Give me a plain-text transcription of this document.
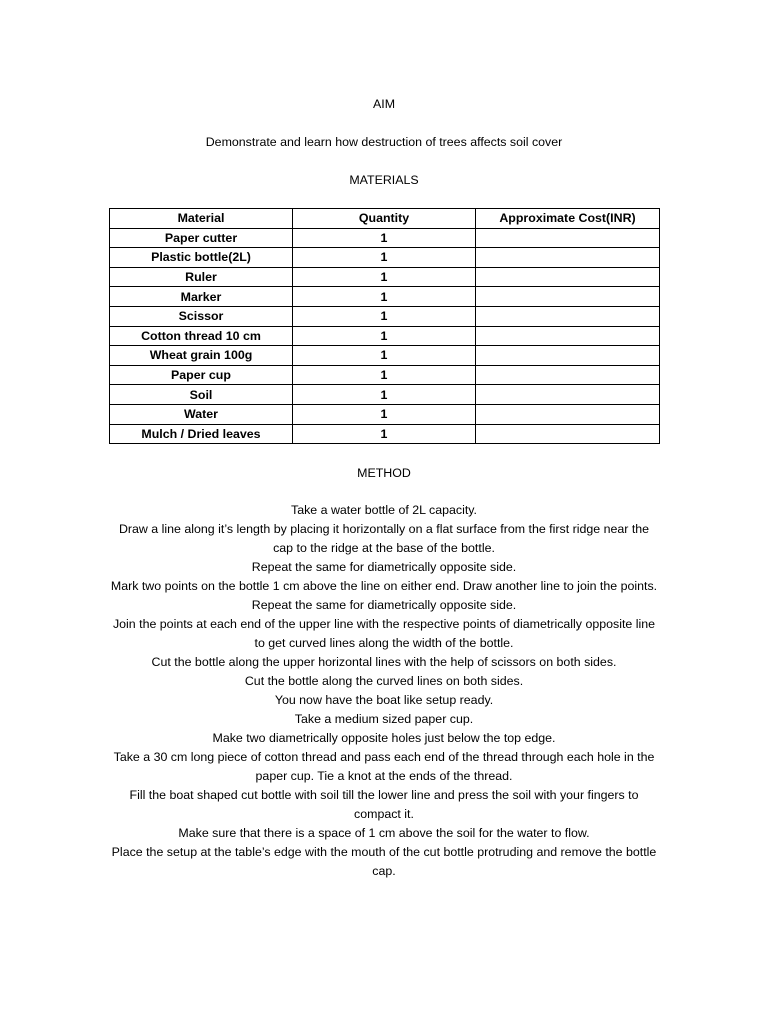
AIM
Demonstrate and learn how destruction of trees affects soil cover
MATERIALS
Material	Quantity	Approximate Cost(INR)
Paper cutter	1	
Plastic bottle(2L)	1	
Ruler	1	
Marker	1	
Scissor	1	
Cotton thread 10 cm	1	
Wheat grain 100g	1	
Paper cup	1	
Soil	1	
Water	1	
Mulch / Dried leaves	1	
METHOD
Take a water bottle of 2L capacity.
Draw a line along it’s length by placing it horizontally on a flat surface from the first ridge near the cap to the ridge at the base of the bottle.
Repeat the same for diametrically opposite side.
Mark two points on the bottle 1 cm above the line on either end. Draw another line to join the points.
Repeat the same for diametrically opposite side.
Join the points at each end of the upper line with the respective points of diametrically opposite line to get curved lines along the width of the bottle.
Cut the bottle along the upper horizontal lines with the help of scissors on both sides.
Cut the bottle along the curved lines on both sides.
You now have the boat like setup ready.
Take a medium sized paper cup.
Make two diametrically opposite holes just below the top edge.
Take a 30 cm long piece of cotton thread and pass each end of the thread through each hole in the paper cup. Tie a knot at the ends of the thread.
Fill the boat shaped cut bottle with soil till the lower line and press the soil with your fingers to compact it.
Make sure that there is a space of 1 cm above the soil for the water to flow.
Place the setup at the table’s edge with the mouth of the cut bottle protruding and remove the bottle cap.
